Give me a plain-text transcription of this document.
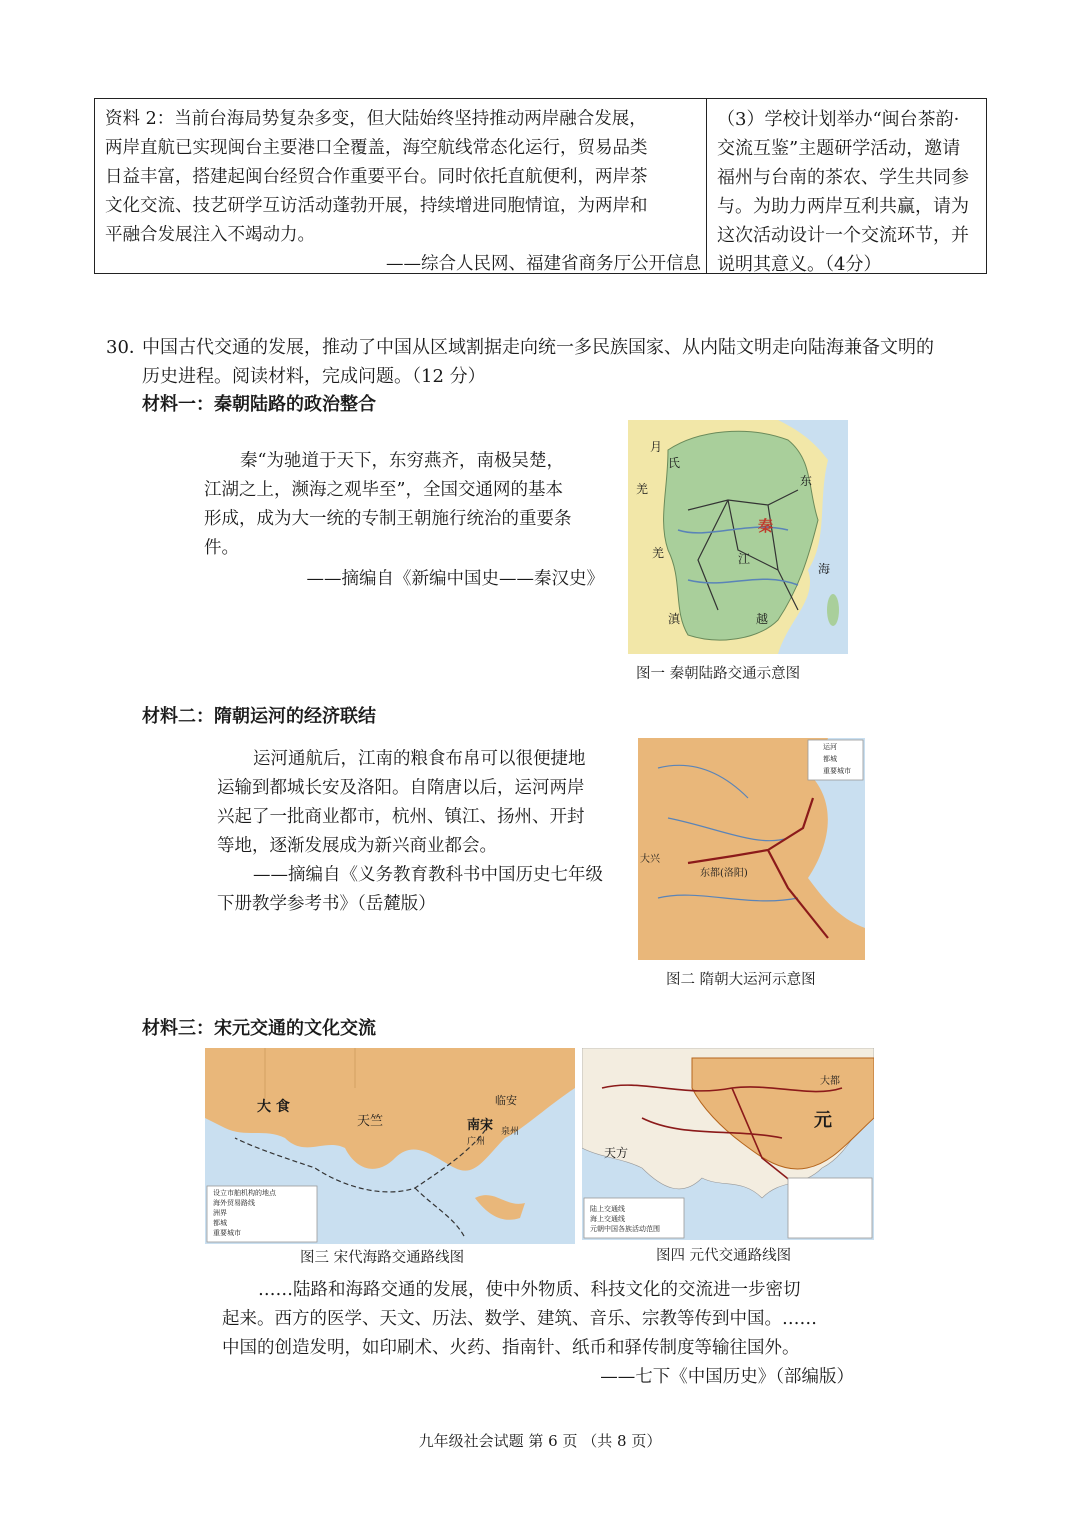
资料 2：当前台海局势复杂多变，但大陆始终坚持推动两岸融合发展，
两岸直航已实现闽台主要港口全覆盖，海空航线常态化运行，贸易品类
日益丰富，搭建起闽台经贸合作重要平台。同时依托直航便利，两岸茶
文化交流、技艺研学互访活动蓬勃开展，持续增进同胞情谊，为两岸和
平融合发展注入不竭动力。
——综合人民网、福建省商务厅公开信息
（3）学校计划举办“闽台茶韵·
交流互鉴”主题研学活动，邀请
福州与台南的茶农、学生共同参
与。为助力两岸互利共赢，请为
这次活动设计一个交流环节，并
说明其意义。（4分）
30．中国古代交通的发展，推动了中国从区域割据走向统一多民族国家、从内陆文明走向陆海兼备文明的
历史进程。阅读材料，完成问题。（12 分）
材料一：秦朝陆路的政治整合
秦“为驰道于天下，东穷燕齐，南极吴楚，
江湖之上，濒海之观毕至”，全国交通网的基本
形成，成为大一统的专制王朝施行统治的重要条
件。
——摘编自《新编中国史——秦汉史》
月
氏
羌
羌
秦
东
海
越
滇
江
图一 秦朝陆路交通示意图
材料二：隋朝运河的经济联结
运河通航后，江南的粮食布帛可以很便捷地
运输到都城长安及洛阳。自隋唐以后，运河两岸
兴起了一批商业都市，杭州、镇江、扬州、开封
等地，逐渐发展成为新兴商业都会。
——摘编自《义务教育教科书中国历史七年级
下册教学参考书》（岳麓版）
大兴
东都(洛阳)
运河
都城
重要城市
图二 隋朝大运河示意图
材料三：宋元交通的文化交流
大 食
天竺	南宋
临安
广州
泉州
设立市舶机构的地点
海外贸易路线
洲界
都城
重要城市
元
大都
天方
陆上交通线
海上交通线
元朝中国各族活动范围
图三 宋代海路交通路线图	图四 元代交通路线图
……陆路和海路交通的发展，使中外物质、科技文化的交流进一步密切
起来。西方的医学、天文、历法、数学、建筑、音乐、宗教等传到中国。……
中国的创造发明，如印刷术、火药、指南针、纸币和驿传制度等输往国外。
——七下《中国历史》（部编版）
九年级社会试题 第 6 页 （共 8 页）
